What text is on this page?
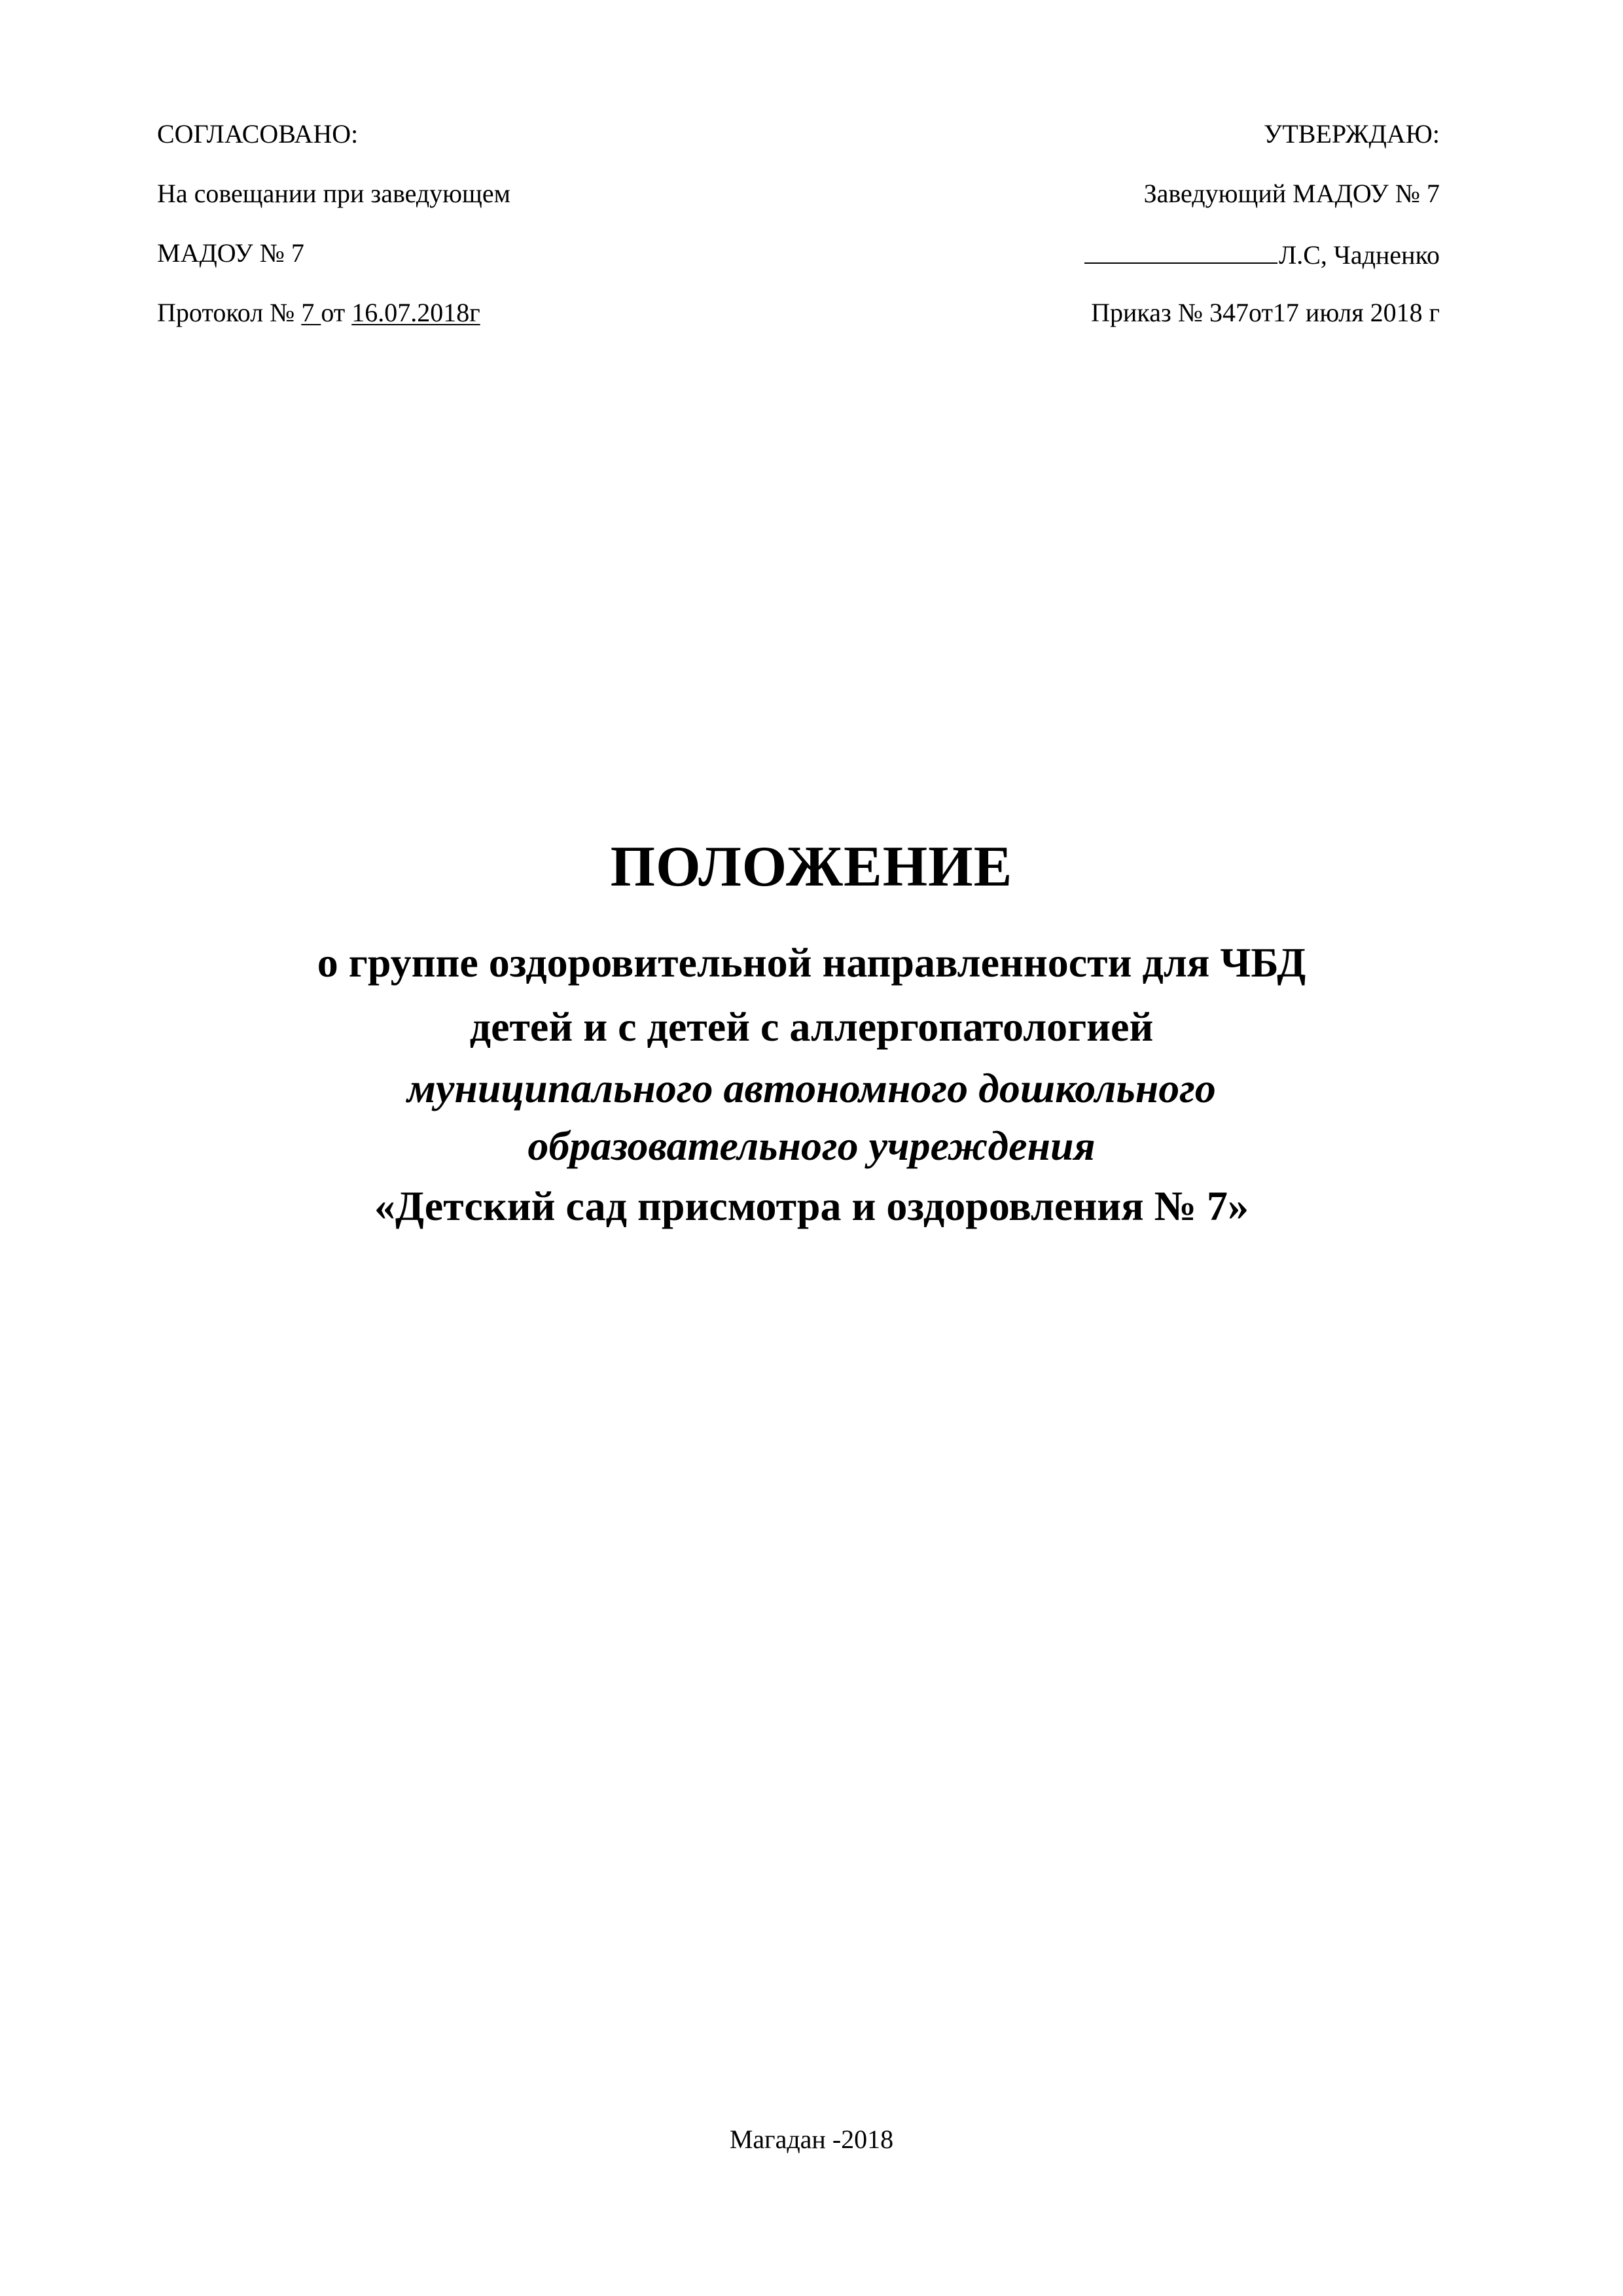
СОГЛАСОВАНО:
На совещании при заведующем
МАДОУ № 7
Протокол № 7 от 16.07.2018г
УТВЕРЖДАЮ:
Заведующий МАДОУ № 7
Л.С, Чадненко
Приказ № 347от17 июля 2018 г
ПОЛОЖЕНИЕ
о группе оздоровительной направленности для ЧБД
детей и с детей с аллергопатологией
муниципального автономного дошкольного
образовательного учреждения
«Детский сад присмотра и оздоровления № 7»
Магадан -2018
